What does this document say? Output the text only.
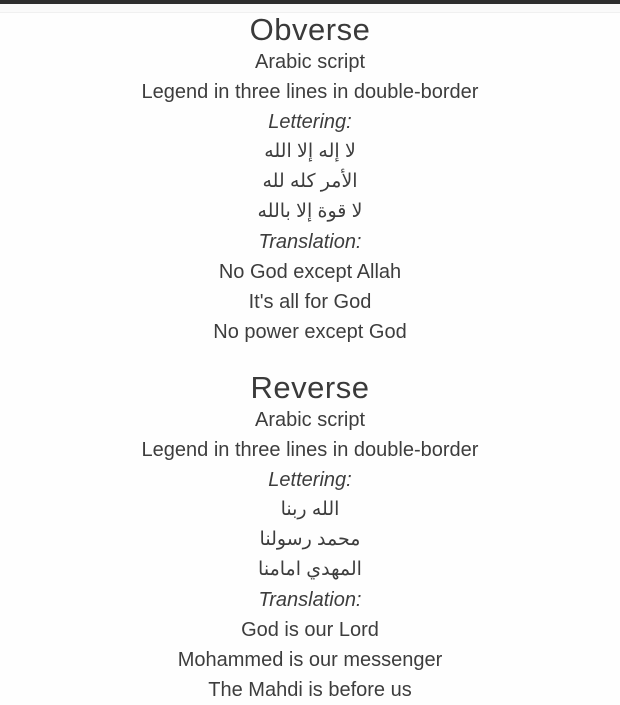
Obverse
Arabic script
Legend in three lines in double-border
Lettering:
لا إله إلا الله
الأمر كله لله
لا قوة إلا بالله
Translation:
No God except Allah
It's all for God
No power except God
Reverse
Arabic script
Legend in three lines in double-border
Lettering:
الله ربنا
محمد رسولنا
المهدي امامنا
Translation:
God is our Lord
Mohammed is our messenger
The Mahdi is before us
